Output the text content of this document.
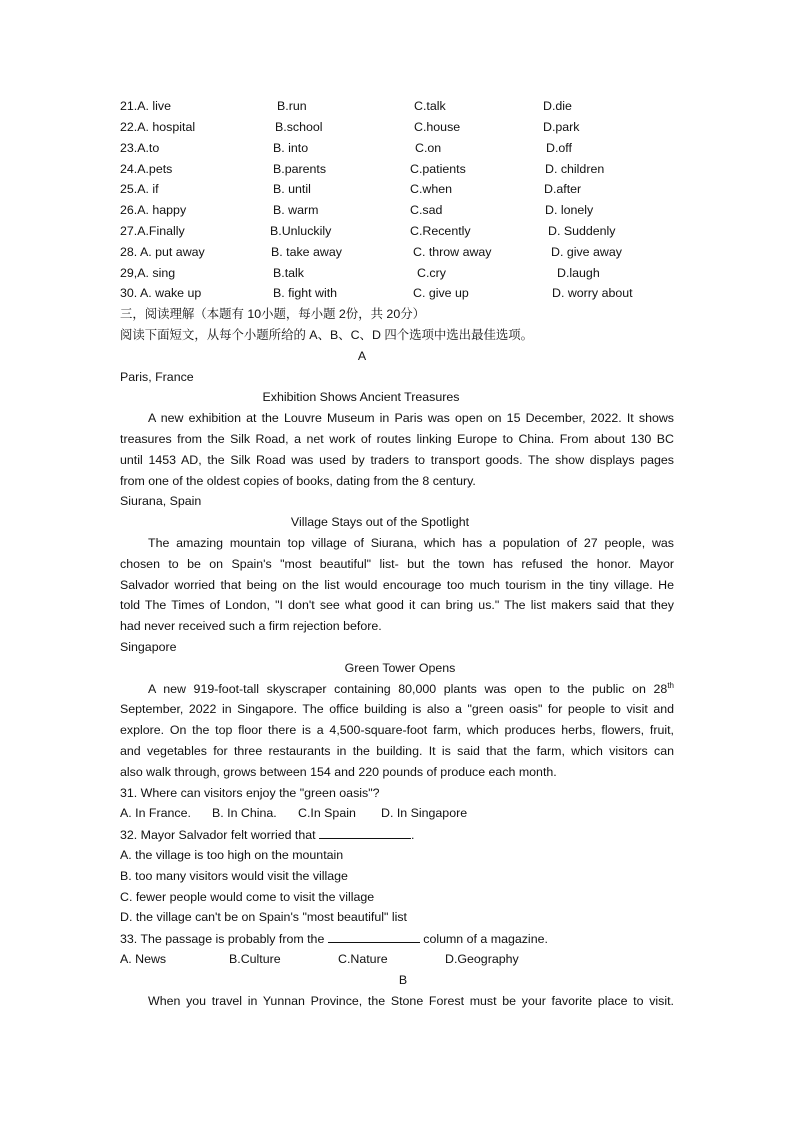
21.A. live	B.run	C.talk	D.die
22.A. hospital	B.school	C.house	D.park
23.A.to	B. into	C.on	D.off
24.A.pets	B.parents	C.patients	D. children
25.A. if	B. until	C.when	D.after
26.A. happy	B. warm	C.sad	D. lonely
27.A.Finally	B.Unluckily	C.Recently	D. Suddenly
28. A. put away	B. take away	C. throw away	D. give away
29,A. sing	B.talk	C.cry	D.laugh
30. A. wake up	B. fight with	C. give up	D. worry about
三，阅读理解（本题有 10小题，每小题 2份，共 20分）
阅读下面短文，从每个小题所给的 A、B、C、D 四个选项中选出最佳选项。
A
Paris, France
Exhibition Shows Ancient Treasures
A new exhibition at the Louvre Museum in Paris was open on 15 December, 2022. It shows
treasures from the Silk Road, a net work of routes linking Europe to China. From about 130 BC
until 1453 AD, the Silk Road was used by traders to transport goods. The show displays pages
from one of the oldest copies of books, dating from the 8 century.
Siurana, Spain
Village Stays out of the Spotlight
The amazing mountain top village of Siurana, which has a population of 27 people, was
chosen to be on Spain's "most beautiful" list- but the town has refused the honor. Mayor
Salvador worried that being on the list would encourage too much tourism in the tiny village. He
told The Times of London, "I don't see what good it can bring us." The list makers said that they
had never received such a firm rejection before.
Singapore
Green Tower Opens
A new 919-foot-tall skyscraper containing 80,000 plants was open to the public on 28th
September, 2022 in Singapore. The office building is also a "green oasis" for people to visit and
explore. On the top floor there is a 4,500-square-foot farm, which produces herbs, flowers, fruit,
and vegetables for three restaurants in the building. It is said that the farm, which visitors can
also walk through, grows between 154 and 220 pounds of produce each month.
31. Where can visitors enjoy the "green oasis"?
A. In France. B. In China. C.In Spain D. In Singapore
32. Mayor Salvador felt worried that	.
A. the village is too high on the mountain
B. too many visitors would visit the village
C. fewer people would come to visit the village
D. the village can't be on Spain's "most beautiful" list
33. The passage is probably from the	column of a magazine.
A. News	B.Culture	C.Nature	D.Geography
B
When you travel in Yunnan Province, the Stone Forest must be your favorite place to visit.
